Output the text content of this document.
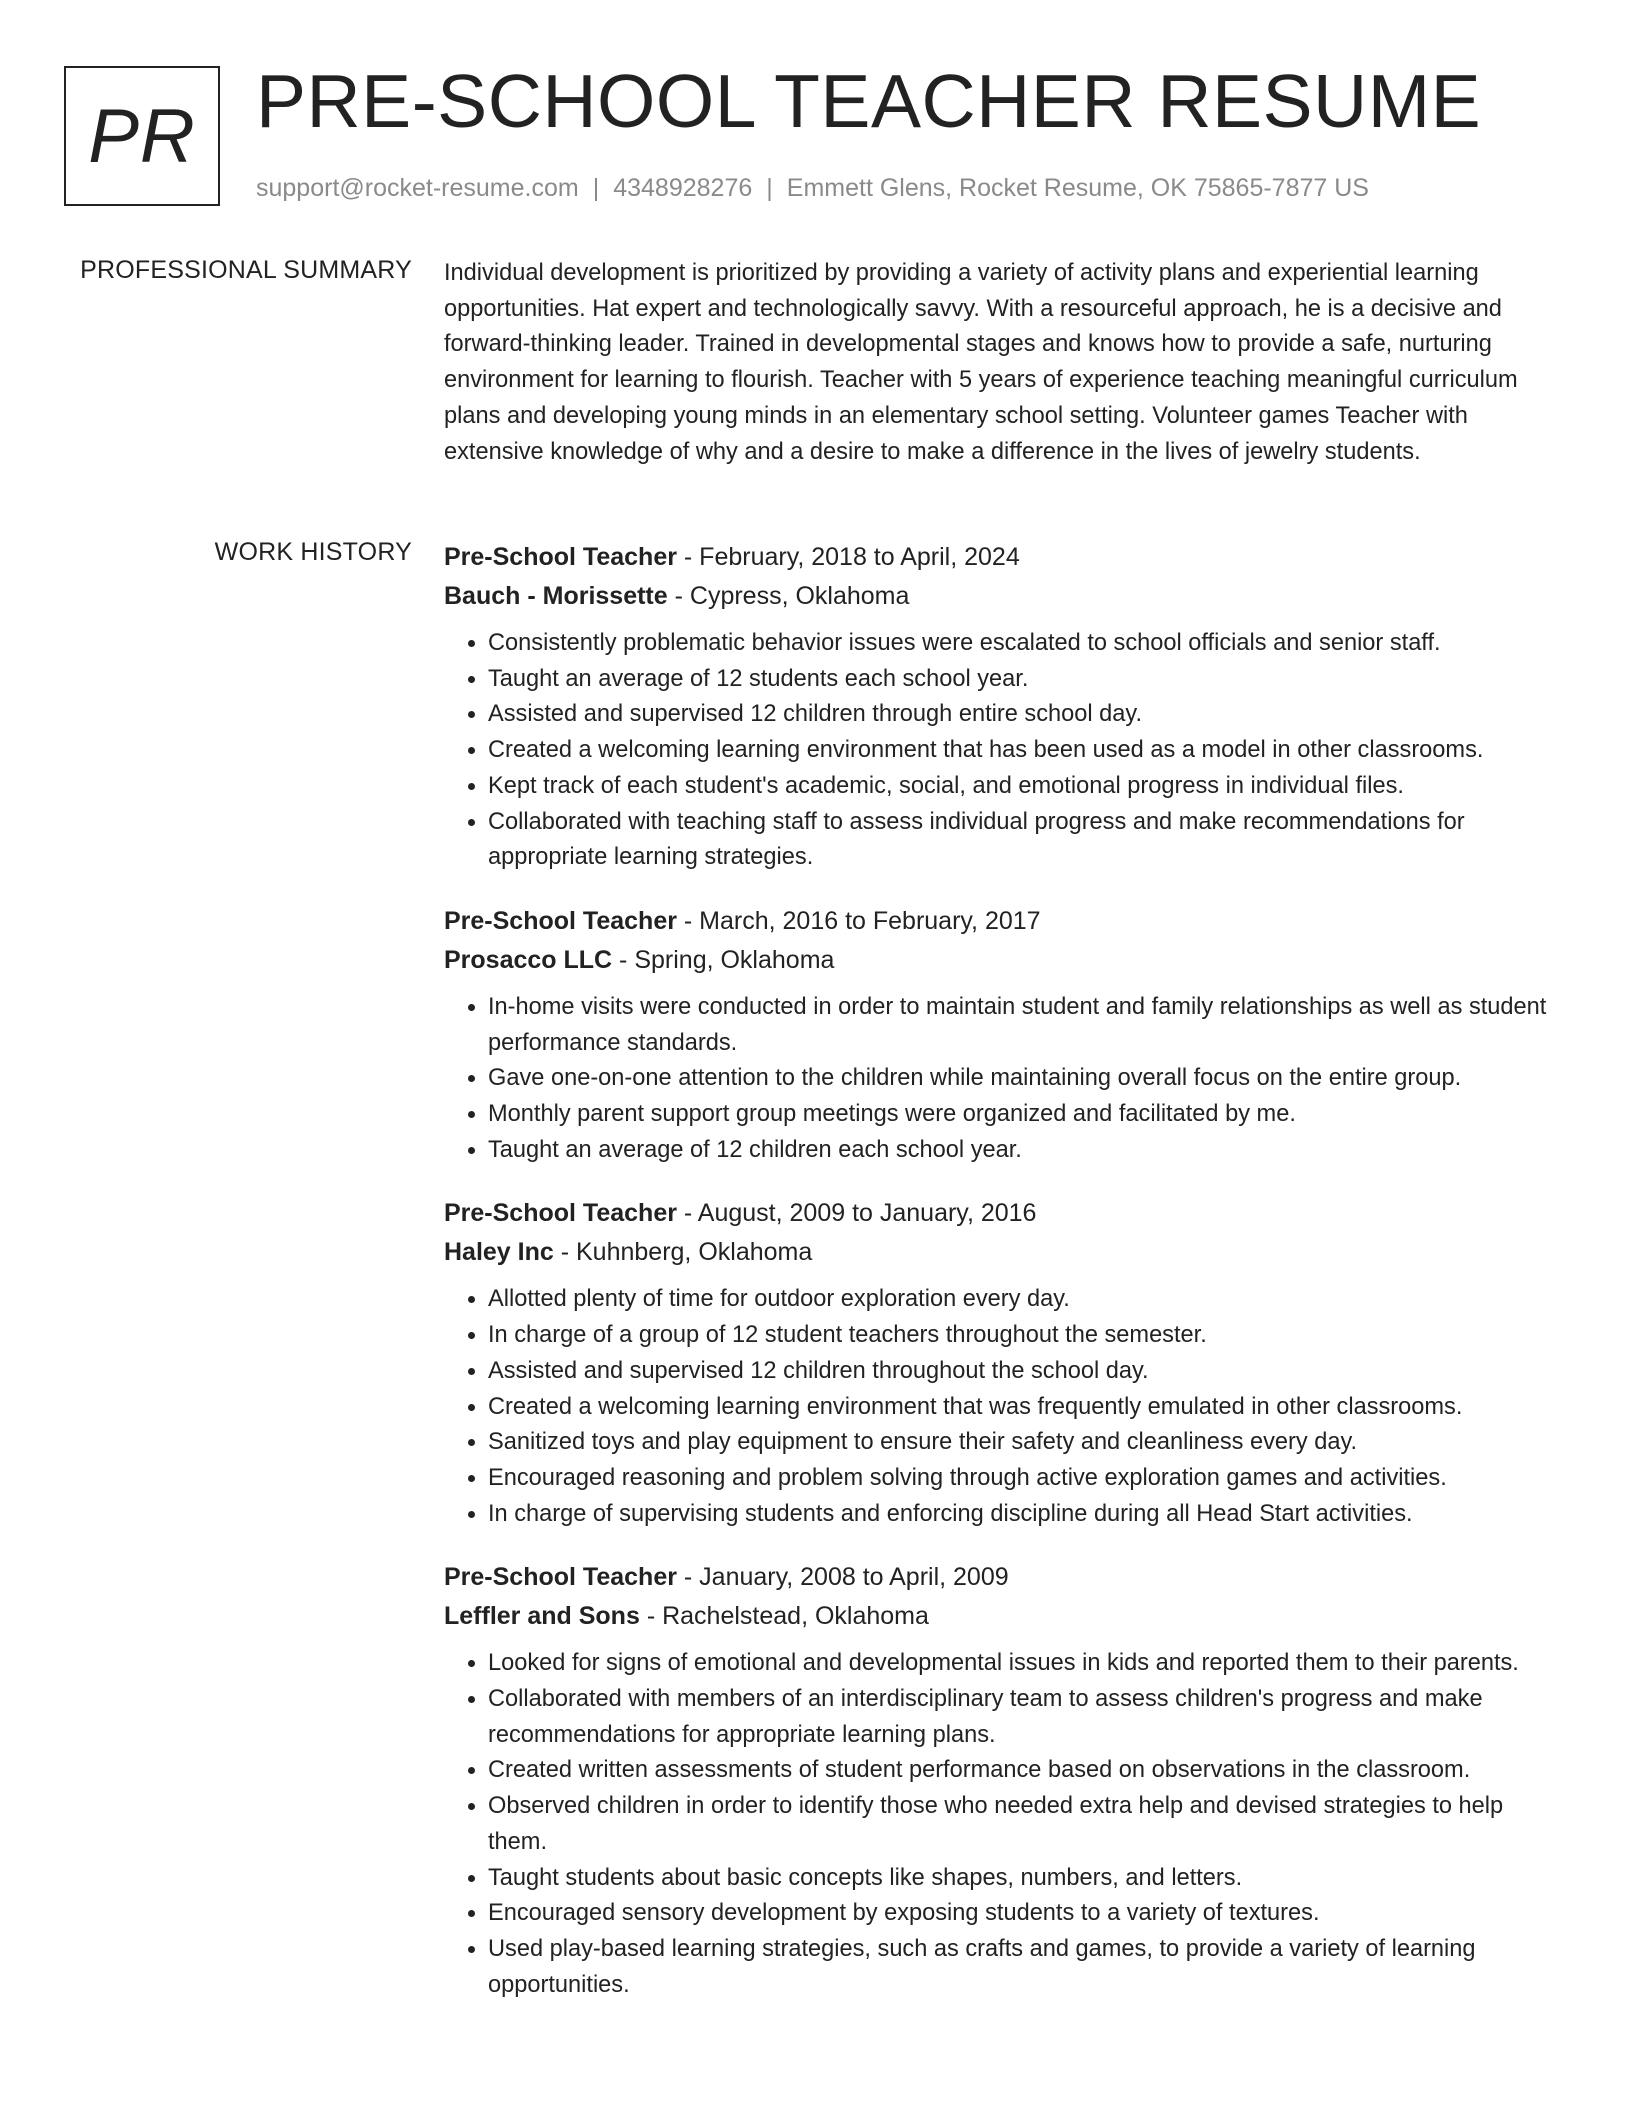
PR PRE-SCHOOL TEACHER RESUME
support@rocket-resume.com | 4348928276 | Emmett Glens, Rocket Resume, OK 75865-7877 US
PROFESSIONAL SUMMARY Individual development is prioritized by providing a variety of activity plans and experiential learning opportunities. Hat expert and technologically savvy. With a resourceful approach, he is a decisive and forward-thinking leader. Trained in developmental stages and knows how to provide a safe, nurturing environment for learning to flourish. Teacher with 5 years of experience teaching meaningful curriculum plans and developing young minds in an elementary school setting. Volunteer games Teacher with extensive knowledge of why and a desire to make a difference in the lives of jewelry students.

WORK HISTORY Pre-School Teacher - February, 2018 to April, 2024
Bauch - Morissette - Cypress, Oklahoma
• Consistently problematic behavior issues were escalated to school officials and senior staff.
• Taught an average of 12 students each school year.
• Assisted and supervised 12 children through entire school day.
• Created a welcoming learning environment that has been used as a model in other classrooms.
• Kept track of each student's academic, social, and emotional progress in individual files.
• Collaborated with teaching staff to assess individual progress and make recommendations for appropriate learning strategies.
Pre-School Teacher - March, 2016 to February, 2017
Prosacco LLC - Spring, Oklahoma
• In-home visits were conducted in order to maintain student and family relationships as well as student performance standards.
• Gave one-on-one attention to the children while maintaining overall focus on the entire group.
• Monthly parent support group meetings were organized and facilitated by me.
• Taught an average of 12 children each school year.
Pre-School Teacher - August, 2009 to January, 2016
Haley Inc - Kuhnberg, Oklahoma
• Allotted plenty of time for outdoor exploration every day.
• In charge of a group of 12 student teachers throughout the semester.
• Assisted and supervised 12 children throughout the school day.
• Created a welcoming learning environment that was frequently emulated in other classrooms.
• Sanitized toys and play equipment to ensure their safety and cleanliness every day.
• Encouraged reasoning and problem solving through active exploration games and activities.
• In charge of supervising students and enforcing discipline during all Head Start activities.
Pre-School Teacher - January, 2008 to April, 2009
Leffler and Sons - Rachelstead, Oklahoma
• Looked for signs of emotional and developmental issues in kids and reported them to their parents.
• Collaborated with members of an interdisciplinary team to assess children's progress and make recommendations for appropriate learning plans.
• Created written assessments of student performance based on observations in the classroom.
• Observed children in order to identify those who needed extra help and devised strategies to help them.
• Taught students about basic concepts like shapes, numbers, and letters.
• Encouraged sensory development by exposing students to a variety of textures.
• Used play-based learning strategies, such as crafts and games, to provide a variety of learning opportunities.
